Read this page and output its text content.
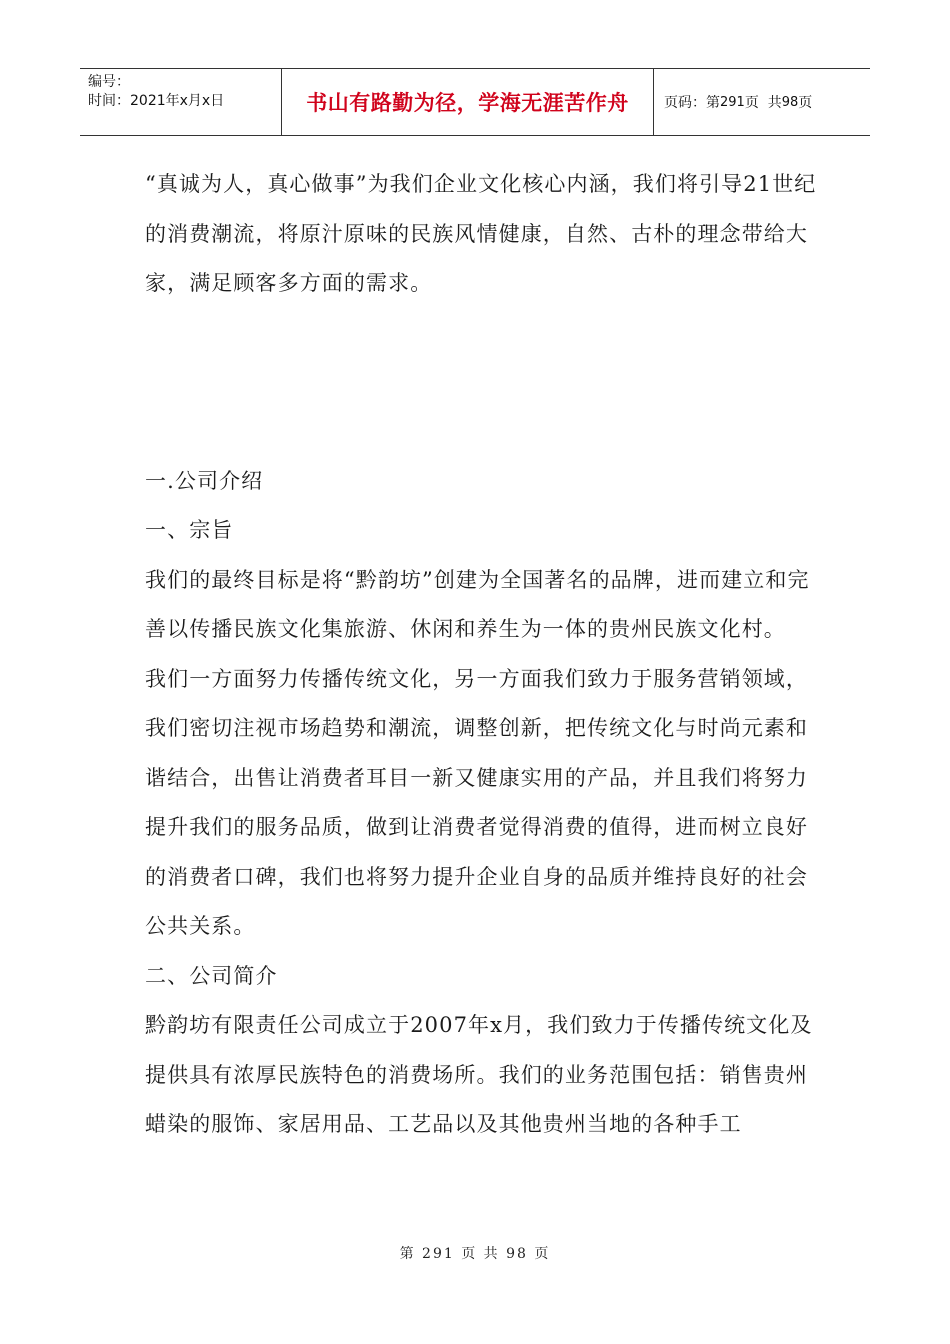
编号：
时间：2021年x月x日	书山有路勤为径，学海无涯苦作舟	页码：第 291 页  共 98 页

“真诚为人，真心做事”为我们企业文化核心内涵，我们将引导21世纪的消费潮流，将原汁原味的民族风情健康，自然、古朴的理念带给大家，满足顾客多方面的需求。

一.公司介绍

一、宗旨

我们的最终目标是将“黔韵坊”创建为全国著名的品牌，进而建立和完善以传播民族文化集旅游、休闲和养生为一体的贵州民族文化村。

我们一方面努力传播传统文化，另一方面我们致力于服务营销领域，我们密切注视市场趋势和潮流，调整创新，把传统文化与时尚元素和谐结合，出售让消费者耳目一新又健康实用的产品，并且我们将努力提升我们的服务品质，做到让消费者觉得消费的值得，进而树立良好的消费者口碑，我们也将努力提升企业自身的品质并维持良好的社会公共关系。

二、公司简介

黔韵坊有限责任公司成立于2007年x月，我们致力于传播传统文化及提供具有浓厚民族特色的消费场所。我们的业务范围包括：销售贵州蜡染的服饰、家居用品、工艺品以及其他贵州当地的各种手工

第 291 页 共 98 页
